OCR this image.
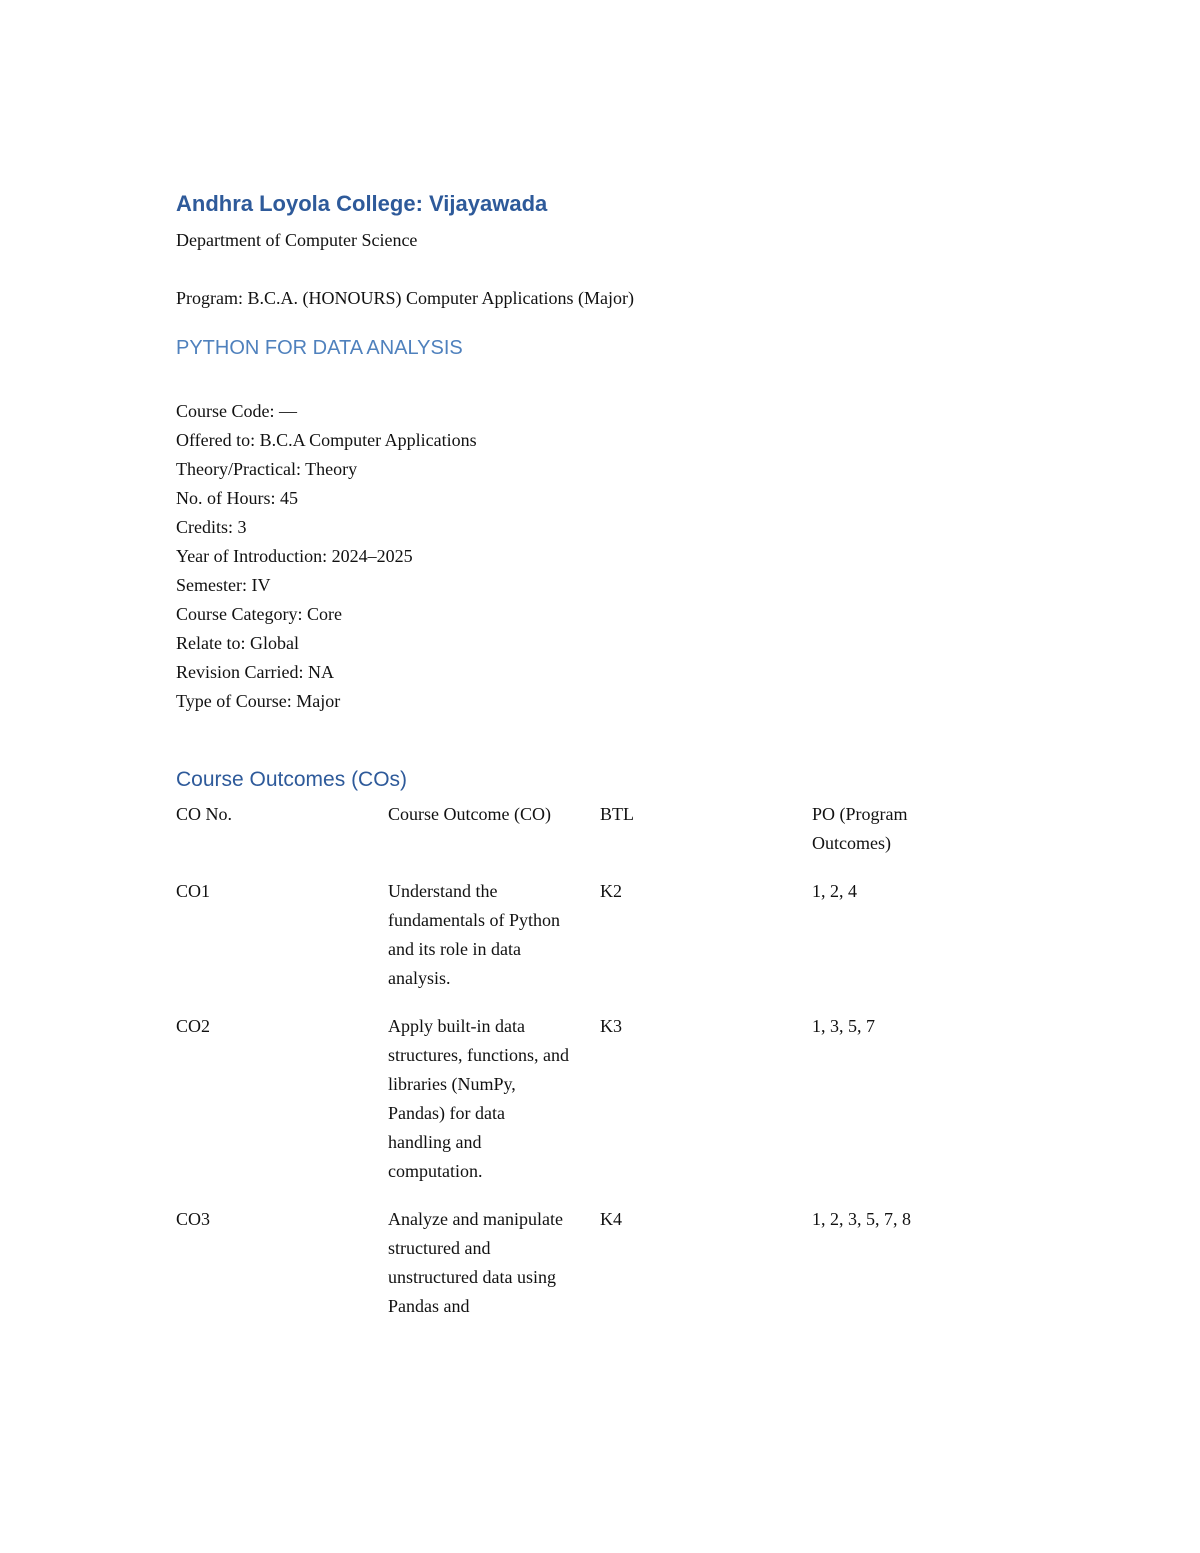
Andhra Loyola College: Vijayawada
Department of Computer Science
Program: B.C.A. (HONOURS) Computer Applications (Major)
PYTHON FOR DATA ANALYSIS
Course Code: —
Offered to: B.C.A Computer Applications
Theory/Practical: Theory
No. of Hours: 45
Credits: 3
Year of Introduction: 2024–2025
Semester: IV
Course Category: Core
Relate to: Global
Revision Carried: NA
Type of Course: Major
Course Outcomes (COs)
CO No.	Course Outcome (CO)	BTL	PO (Program Outcomes)
CO1	Understand the fundamentals of Python and its role in data analysis.	K2	1, 2, 4
CO2	Apply built-in data structures, functions, and libraries (NumPy, Pandas) for data handling and computation.	K3	1, 3, 5, 7
CO3	Analyze and manipulate structured and unstructured data using Pandas and	K4	1, 2, 3, 5, 7, 8
